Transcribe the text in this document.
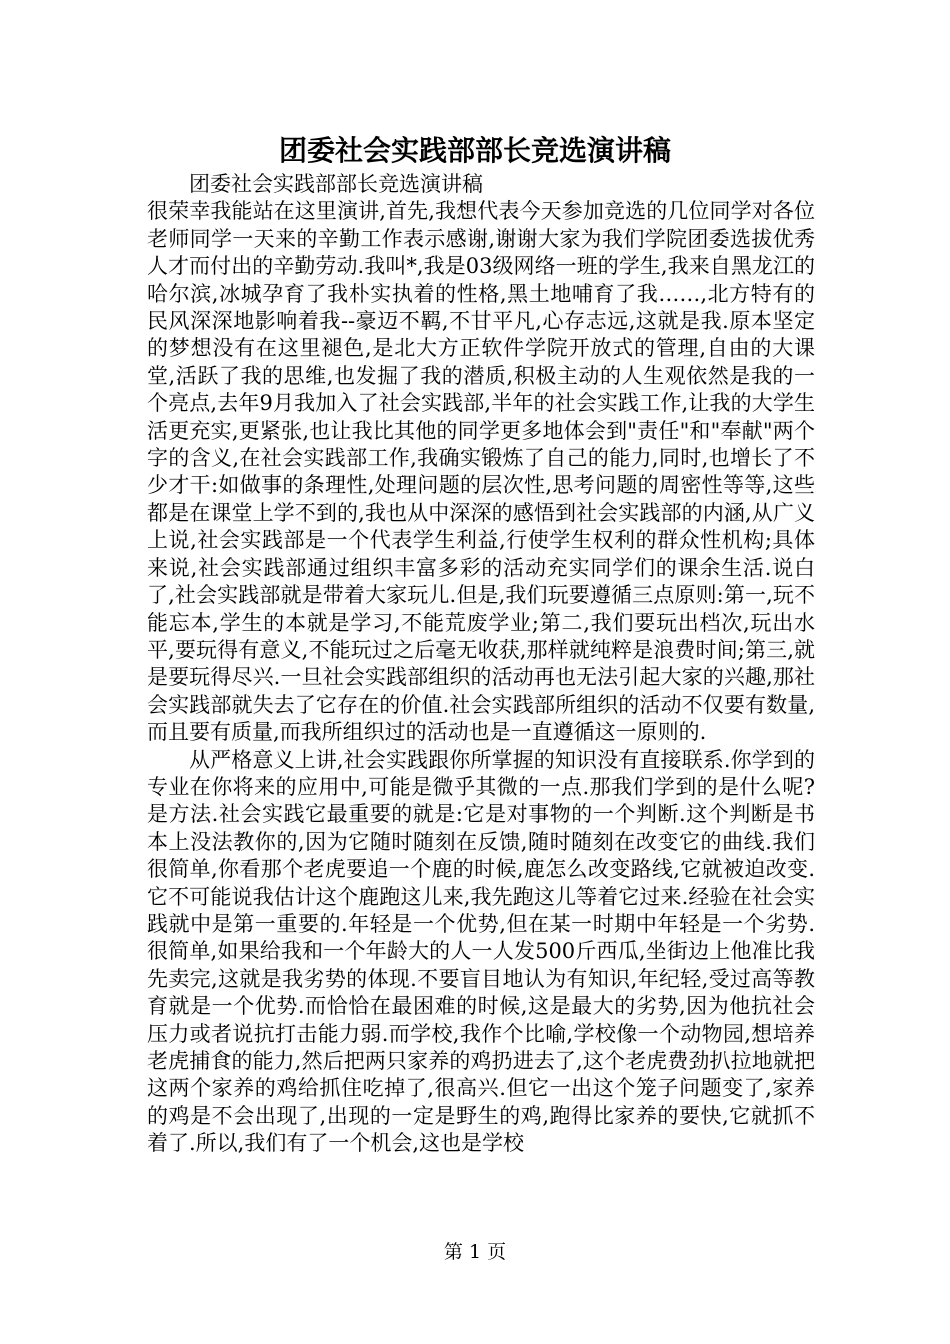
团委社会实践部部长竞选演讲稿

团委社会实践部部长竞选演讲稿

很荣幸我能站在这里演讲,首先,我想代表今天参加竞选的几位同学对各位老师同学一天来的辛勤工作表示感谢,谢谢大家为我们学院团委选拔优秀人才而付出的辛勤劳动.我叫*,我是03级网络一班的学生,我来自黑龙江的哈尔滨,冰城孕育了我朴实执着的性格,黑土地哺育了我……,北方特有的民风深深地影响着我--豪迈不羁,不甘平凡,心存志远,这就是我.原本坚定的梦想没有在这里褪色,是北大方正软件学院开放式的管理,自由的大课堂,活跃了我的思维,也发掘了我的潜质,积极主动的人生观依然是我的一个亮点,去年9月我加入了社会实践部,半年的社会实践工作,让我的大学生活更充实,更紧张,也让我比其他的同学更多地体会到"责任"和"奉献"两个字的含义,在社会实践部工作,我确实锻炼了自己的能力,同时,也增长了不少才干:如做事的条理性,处理问题的层次性,思考问题的周密性等等,这些都是在课堂上学不到的,我也从中深深的感悟到社会实践部的内涵,从广义上说,社会实践部是一个代表学生利益,行使学生权利的群众性机构;具体来说,社会实践部通过组织丰富多彩的活动充实同学们的课余生活.说白了,社会实践部就是带着大家玩儿.但是,我们玩要遵循三点原则:第一,玩不能忘本,学生的本就是学习,不能荒废学业;第二,我们要玩出档次,玩出水平,要玩得有意义,不能玩过之后毫无收获,那样就纯粹是浪费时间;第三,就是要玩得尽兴.一旦社会实践部组织的活动再也无法引起大家的兴趣,那社会实践部就失去了它存在的价值.社会实践部所组织的活动不仅要有数量,而且要有质量,而我所组织过的活动也是一直遵循这一原则的.

从严格意义上讲,社会实践跟你所掌握的知识没有直接联系.你学到的专业在你将来的应用中,可能是微乎其微的一点.那我们学到的是什么呢?是方法.社会实践它最重要的就是:它是对事物的一个判断.这个判断是书本上没法教你的,因为它随时随刻在反馈,随时随刻在改变它的曲线.我们很简单,你看那个老虎要追一个鹿的时候,鹿怎么改变路线,它就被迫改变.它不可能说我估计这个鹿跑这儿来,我先跑这儿等着它过来.经验在社会实践就中是第一重要的.年轻是一个优势,但在某一时期中年轻是一个劣势.很简单,如果给我和一个年龄大的人一人发500斤西瓜,坐街边上他准比我先卖完,这就是我劣势的体现.不要盲目地认为有知识,年纪轻,受过高等教育就是一个优势.而恰恰在最困难的时候,这是最大的劣势,因为他抗社会压力或者说抗打击能力弱.而学校,我作个比喻,学校像一个动物园,想培养老虎捕食的能力,然后把两只家养的鸡扔进去了,这个老虎费劲扒拉地就把这两个家养的鸡给抓住吃掉了,很高兴.但它一出这个笼子问题变了,家养的鸡是不会出现了,出现的一定是野生的鸡,跑得比家养的要快,它就抓不着了.所以,我们有了一个机会,这也是学校

第 1 页
